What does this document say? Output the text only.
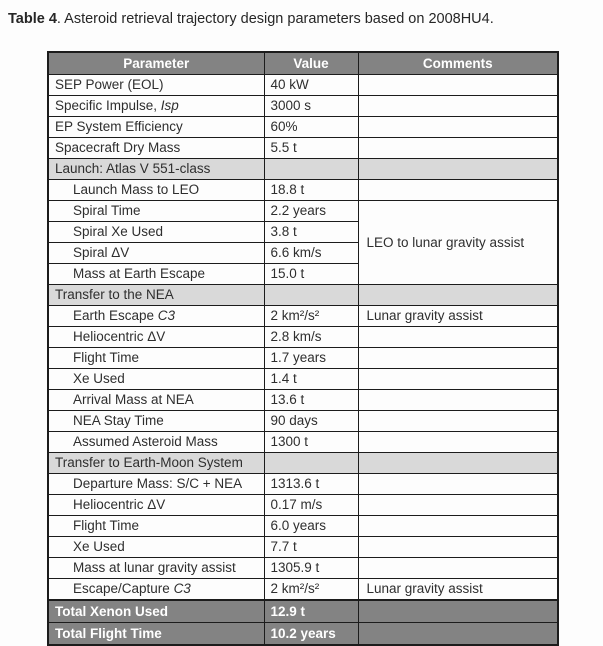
Table 4. Asteroid retrieval trajectory design parameters based on 2008HU4.
Parameter	Value	Comments
SEP Power (EOL)	40 kW	
Specific Impulse, Isp	3000 s	
EP System Efficiency	60%	
Spacecraft Dry Mass	5.5 t	
Launch: Atlas V 551-class		
Launch Mass to LEO	18.8 t	
Spiral Time	2.2 years	LEO to lunar gravity assist
Spiral Xe Used	3.8 t	
Spiral ΔV	6.6 km/s	
Mass at Earth Escape	15.0 t	
Transfer to the NEA		
Earth Escape C3	2 km²/s²	Lunar gravity assist
Heliocentric ΔV	2.8 km/s	
Flight Time	1.7 years	
Xe Used	1.4 t	
Arrival Mass at NEA	13.6 t	
NEA Stay Time	90 days	
Assumed Asteroid Mass	1300 t	
Transfer to Earth-Moon System		
Departure Mass: S/C + NEA	1313.6 t	
Heliocentric ΔV	0.17 m/s	
Flight Time	6.0 years	
Xe Used	7.7 t	
Mass at lunar gravity assist	1305.9 t	
Escape/Capture C3	2 km²/s²	Lunar gravity assist
Total Xenon Used	12.9 t	
Total Flight Time	10.2 years	
